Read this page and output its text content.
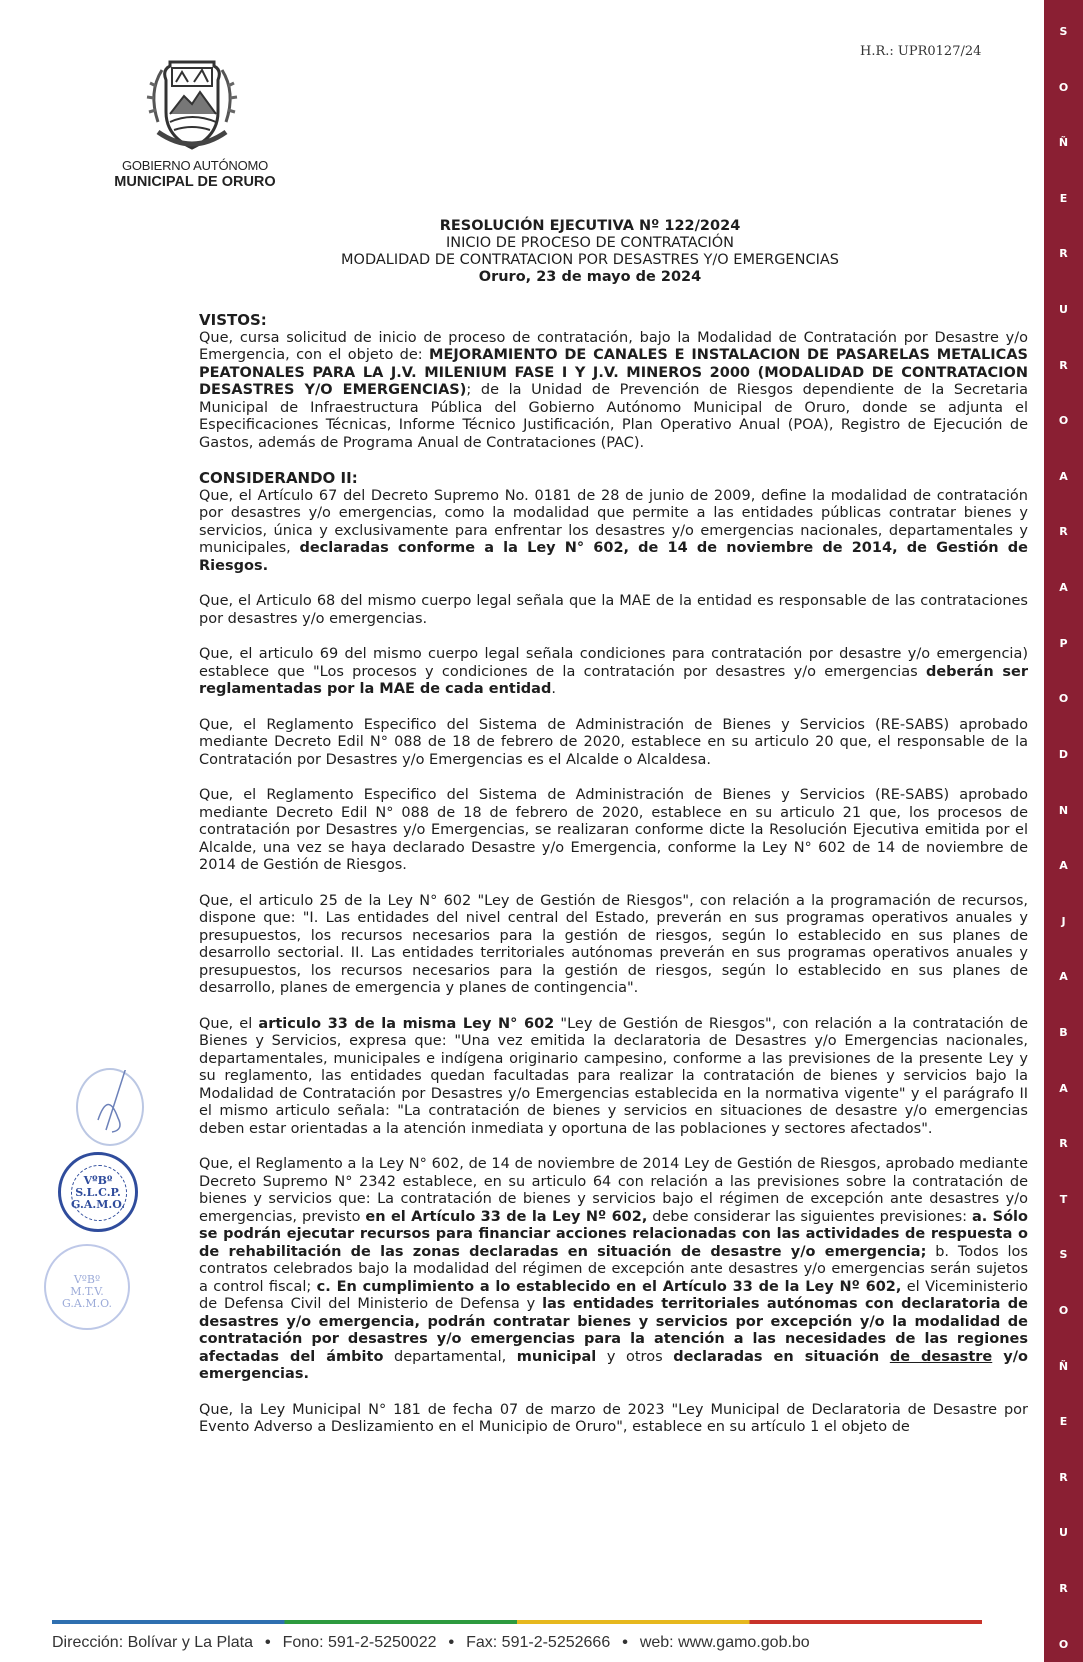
S
O
Ñ
E
R
U
R
O
A
R
A
P
O
D
N
A
J
A
B
A
R
T
S
O
Ñ
E
R
U
R
O
H.R.: UPR0127/24
GOBIERNO AUTÓNOMO
MUNICIPAL DE ORURO
RESOLUCIÓN EJECUTIVA Nº 122/2024
INICIO DE PROCESO DE CONTRATACIÓN
MODALIDAD DE CONTRATACION POR DESASTRES Y/O EMERGENCIAS
Oruro, 23 de mayo de 2024
VISTOS:

Que, cursa solicitud de inicio de proceso de contratación, bajo la Modalidad de Contratación por Desastre y/o Emergencia, con el objeto de: MEJORAMIENTO DE CANALES E INSTALACION DE PASARELAS METALICAS PEATONALES PARA LA J.V. MILENIUM FASE I Y J.V. MINEROS 2000 (MODALIDAD DE CONTRATACION DESASTRES Y/O EMERGENCIAS); de la Unidad de Prevención de Riesgos dependiente de la Secretaria Municipal de Infraestructura Pública del Gobierno Autónomo Municipal de Oruro, donde se adjunta el Especificaciones Técnicas, Informe Técnico Justificación, Plan Operativo Anual (POA), Registro de Ejecución de Gastos, además de Programa Anual de Contrataciones (PAC).

CONSIDERANDO II:

Que, el Artículo 67 del Decreto Supremo No. 0181 de 28 de junio de 2009, define la modalidad de contratación por desastres y/o emergencias, como la modalidad que permite a las entidades públicas contratar bienes y servicios, única y exclusivamente para enfrentar los desastres y/o emergencias nacionales, departamentales y municipales, declaradas conforme a la Ley N° 602, de 14 de noviembre de 2014, de Gestión de Riesgos.

Que, el Articulo 68 del mismo cuerpo legal señala que la MAE de la entidad es responsable de las contrataciones por desastres y/o emergencias.

Que, el articulo 69 del mismo cuerpo legal señala condiciones para contratación por desastre y/o emergencia) establece que "Los procesos y condiciones de la contratación por desastres y/o emergencias deberán ser reglamentadas por la MAE de cada entidad.

Que, el Reglamento Especifico del Sistema de Administración de Bienes y Servicios (RE-SABS) aprobado mediante Decreto Edil N° 088 de 18 de febrero de 2020, establece en su articulo 20 que, el responsable de la Contratación por Desastres y/o Emergencias es el Alcalde o Alcaldesa.

Que, el Reglamento Especifico del Sistema de Administración de Bienes y Servicios (RE-SABS) aprobado mediante Decreto Edil N° 088 de 18 de febrero de 2020, establece en su articulo 21 que, los procesos de contratación por Desastres y/o Emergencias, se realizaran conforme dicte la Resolución Ejecutiva emitida por el Alcalde, una vez se haya declarado Desastre y/o Emergencia, conforme la Ley N° 602 de 14 de noviembre de 2014 de Gestión de Riesgos.

Que, el articulo 25 de la Ley N° 602 "Ley de Gestión de Riesgos", con relación a la programación de recursos, dispone que: "I. Las entidades del nivel central del Estado, preverán en sus programas operativos anuales y presupuestos, los recursos necesarios para la gestión de riesgos, según lo establecido en sus planes de desarrollo sectorial. II. Las entidades territoriales autónomas preverán en sus programas operativos anuales y presupuestos, los recursos necesarios para la gestión de riesgos, según lo establecido en sus planes de desarrollo, planes de emergencia y planes de contingencia".

Que, el articulo 33 de la misma Ley N° 602 "Ley de Gestión de Riesgos", con relación a la contratación de Bienes y Servicios, expresa que: "Una vez emitida la declaratoria de Desastres y/o Emergencias nacionales, departamentales, municipales e indígena originario campesino, conforme a las previsiones de la presente Ley y su reglamento, las entidades quedan facultadas para realizar la contratación de bienes y servicios bajo la Modalidad de Contratación por Desastres y/o Emergencias establecida en la normativa vigente" y el parágrafo II el mismo articulo señala: "La contratación de bienes y servicios en situaciones de desastre y/o emergencias deben estar orientadas a la atención inmediata y oportuna de las poblaciones y sectores afectados".

Que, el Reglamento a la Ley N° 602, de 14 de noviembre de 2014 Ley de Gestión de Riesgos, aprobado mediante Decreto Supremo N° 2342 establece, en su articulo 64 con relación a las previsiones sobre la contratación de bienes y servicios que: La contratación de bienes y servicios bajo el régimen de excepción ante desastres y/o emergencias, previsto en el Artículo 33 de la Ley Nº 602, debe considerar las siguientes previsiones: a. Sólo se podrán ejecutar recursos para financiar acciones relacionadas con las actividades de respuesta o de rehabilitación de las zonas declaradas en situación de desastre y/o emergencia; b. Todos los contratos celebrados bajo la modalidad del régimen de excepción ante desastres y/o emergencias serán sujetos a control fiscal; c. En cumplimiento a lo establecido en el Artículo 33 de la Ley Nº 602, el Viceministerio de Defensa Civil del Ministerio de Defensa y las entidades territoriales autónomas con declaratoria de desastres y/o emergencia, podrán contratar bienes y servicios por excepción y/o la modalidad de contratación por desastres y/o emergencias para la atención a las necesidades de las regiones afectadas del ámbito departamental, municipal y otros declaradas en situación de desastre y/o emergencias.

Que, la Ley Municipal N° 181 de fecha 07 de marzo de 2023 "Ley Municipal de Declaratoria de Desastre por Evento Adverso a Deslizamiento en el Municipio de Oruro", establece en su artículo 1 el objeto de

VºBº
S.L.C.P.
G.A.M.O.
VºBº
M.T.V.
G.A.M.O.
Dirección: Bolívar y La Plata • Fono: 591-2-5250022 • Fax: 591-2-5252666 • web: www.gamo.gob.bo
